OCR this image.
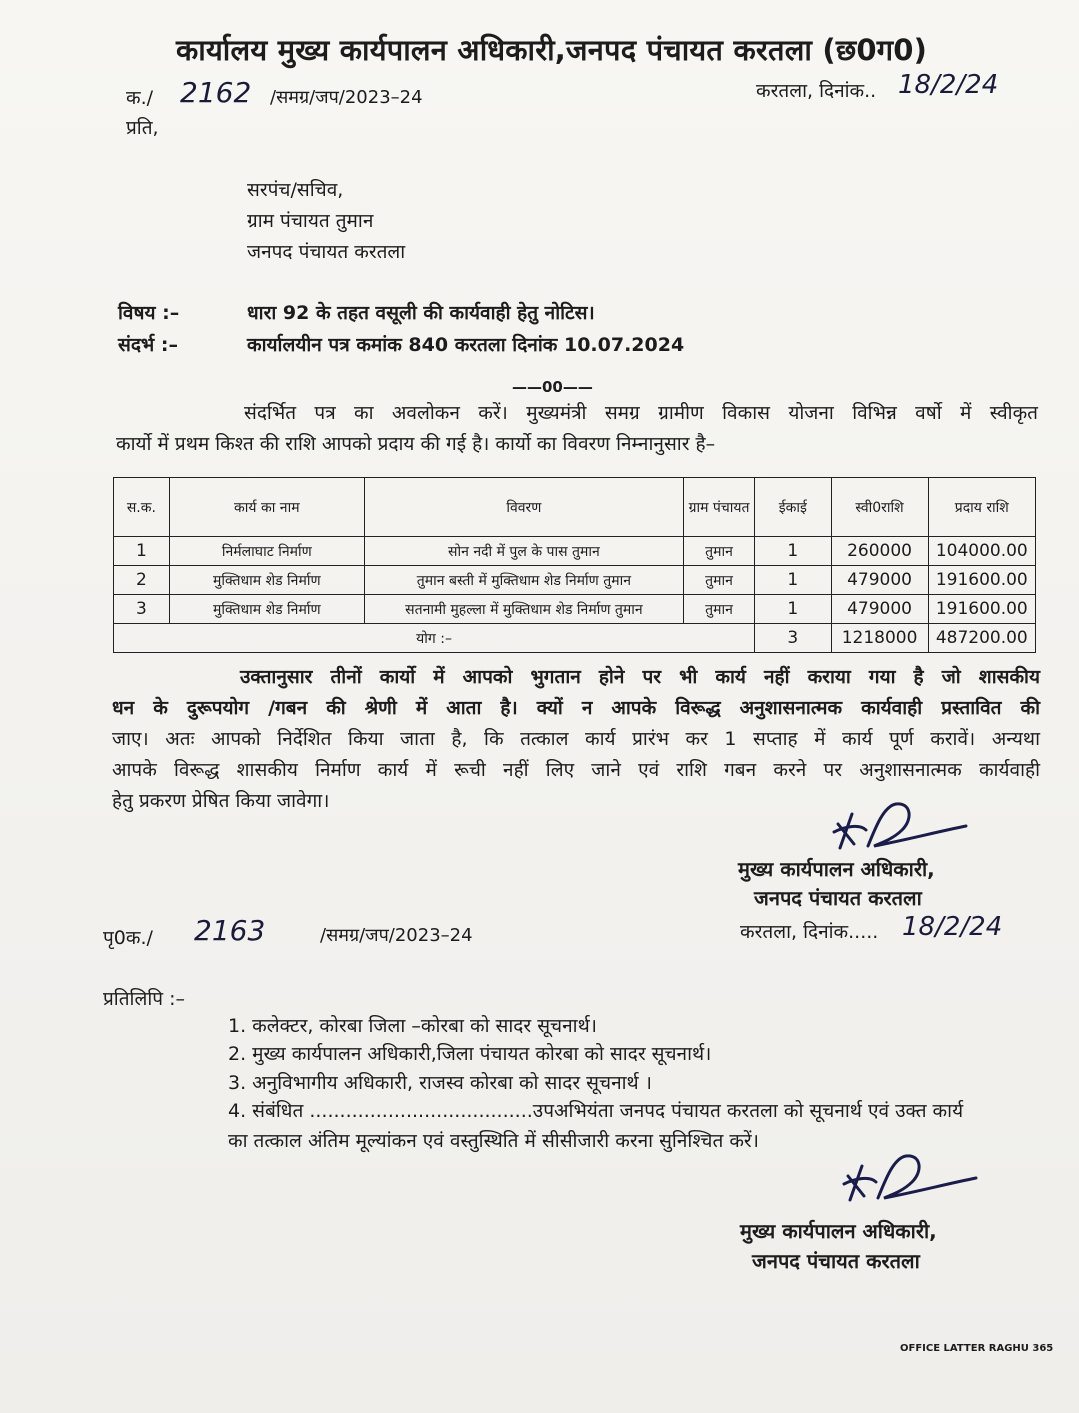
कार्यालय मुख्य कार्यपालन अधिकारी,जनपद पंचायत करतला (छ0ग0)
क./ 2162 /समग्र/जप/2023–24	करतला, दिनांक.. 18/2/24
प्रति,
सरपंच/सचिव,
ग्राम पंचायत तुमान
जनपद पंचायत करतला
विषय :–	धारा 92 के तहत वसूली की कार्यवाही हेतु नोटिस।
संदर्भ :–	कार्यालयीन पत्र कमांक 840 करतला दिनांक 10.07.2024
——00——
संदर्भित पत्र का अवलोकन करें। मुख्यमंत्री समग्र ग्रामीण विकास योजना विभिन्न वर्षो में स्वीकृत
कार्यो में प्रथम किश्त की राशि आपको प्रदाय की गई है। कार्यो का विवरण निम्नानुसार है–
स.क.	कार्य का नाम	विवरण	ग्राम पंचायत	ईकाई	स्वी0राशि	प्रदाय राशि
1	निर्मलाघाट निर्माण	सोन नदी में पुल के पास तुमान	तुमान	1	260000	104000.00
2	मुक्तिधाम शेड निर्माण	तुमान बस्ती में मुक्तिधाम शेड निर्माण तुमान	तुमान	1	479000	191600.00
3	मुक्तिधाम शेड निर्माण	सतनामी मुहल्ला में मुक्तिधाम शेड निर्माण तुमान	तुमान	1	479000	191600.00
योग :–				3	1218000	487200.00
उक्तानुसार तीनों कार्यो में आपको भुगतान होने पर भी कार्य नहीं कराया गया है जो शासकीय
धन के दुरूपयोग /गबन की श्रेणी में आता है। क्यों न आपके विरूद्ध अनुशासनात्मक कार्यवाही प्रस्तावित की
जाए। अतः आपको निर्देशित किया जाता है, कि तत्काल कार्य प्रारंभ कर 1 सप्ताह में कार्य पूर्ण करावें। अन्यथा
आपके विरूद्ध शासकीय निर्माण कार्य में रूची नहीं लिए जाने एवं राशि गबन करने पर अनुशासनात्मक कार्यवाही
हेतु प्रकरण प्रेषित किया जावेगा।
मुख्य कार्यपालन अधिकारी,
जनपद पंचायत करतला
पृ0क./ 2163	/समग्र/जप/2023–24	करतला, दिनांक..... 18/2/24
प्रतिलिपि :–
1. कलेक्टर, कोरबा जिला –कोरबा को सादर सूचनार्थ।
2. मुख्य कार्यपालन अधिकारी,जिला पंचायत कोरबा को सादर सूचनार्थ।
3. अनुविभागीय अधिकारी, राजस्व कोरबा को सादर सूचनार्थ ।
4. संबंधित .....................................उपअभियंता जनपद पंचायत करतला को सूचनार्थ एवं उक्त कार्य
का तत्काल अंतिम मूल्यांकन एवं वस्तुस्थिति में सीसीजारी करना सुनिश्चित करें।
मुख्य कार्यपालन अधिकारी,
जनपद पंचायत करतला
OFFICE LATTER RAGHU 365
